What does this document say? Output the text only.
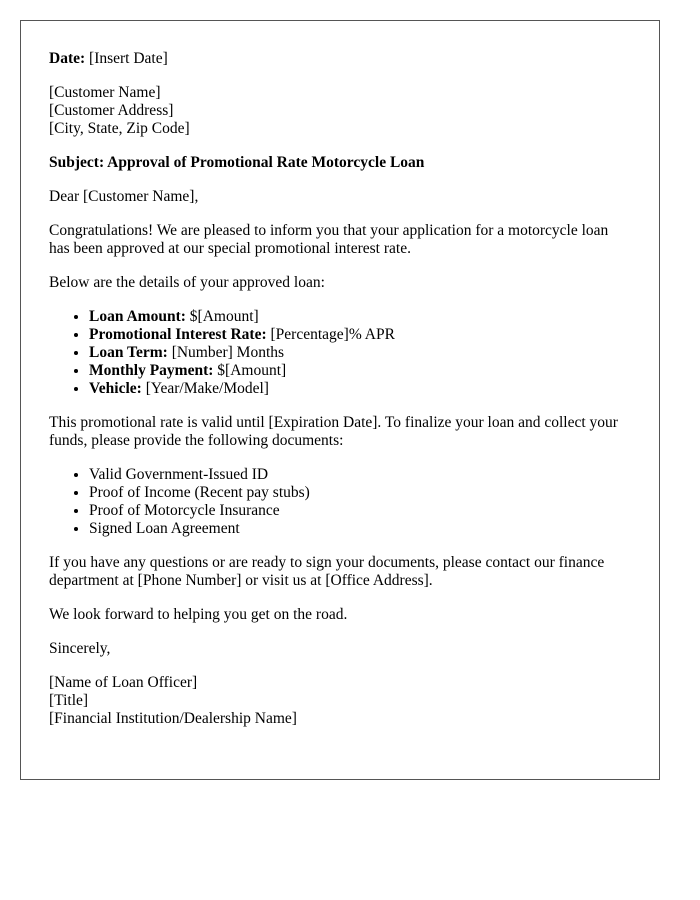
Date: [Insert Date]

[Customer Name]
[Customer Address]
[City, State, Zip Code]

Subject: Approval of Promotional Rate Motorcycle Loan

Dear [Customer Name],

Congratulations! We are pleased to inform you that your application for a motorcycle loan has been approved at our special promotional interest rate.

Below are the details of your approved loan:

• Loan Amount: $[Amount]
• Promotional Interest Rate: [Percentage]% APR
• Loan Term: [Number] Months
• Monthly Payment: $[Amount]
• Vehicle: [Year/Make/Model]

This promotional rate is valid until [Expiration Date]. To finalize your loan and collect your funds, please provide the following documents:

• Valid Government-Issued ID
• Proof of Income (Recent pay stubs)
• Proof of Motorcycle Insurance
• Signed Loan Agreement

If you have any questions or are ready to sign your documents, please contact our finance department at [Phone Number] or visit us at [Office Address].

We look forward to helping you get on the road.

Sincerely,

[Name of Loan Officer]
[Title]
[Financial Institution/Dealership Name]
